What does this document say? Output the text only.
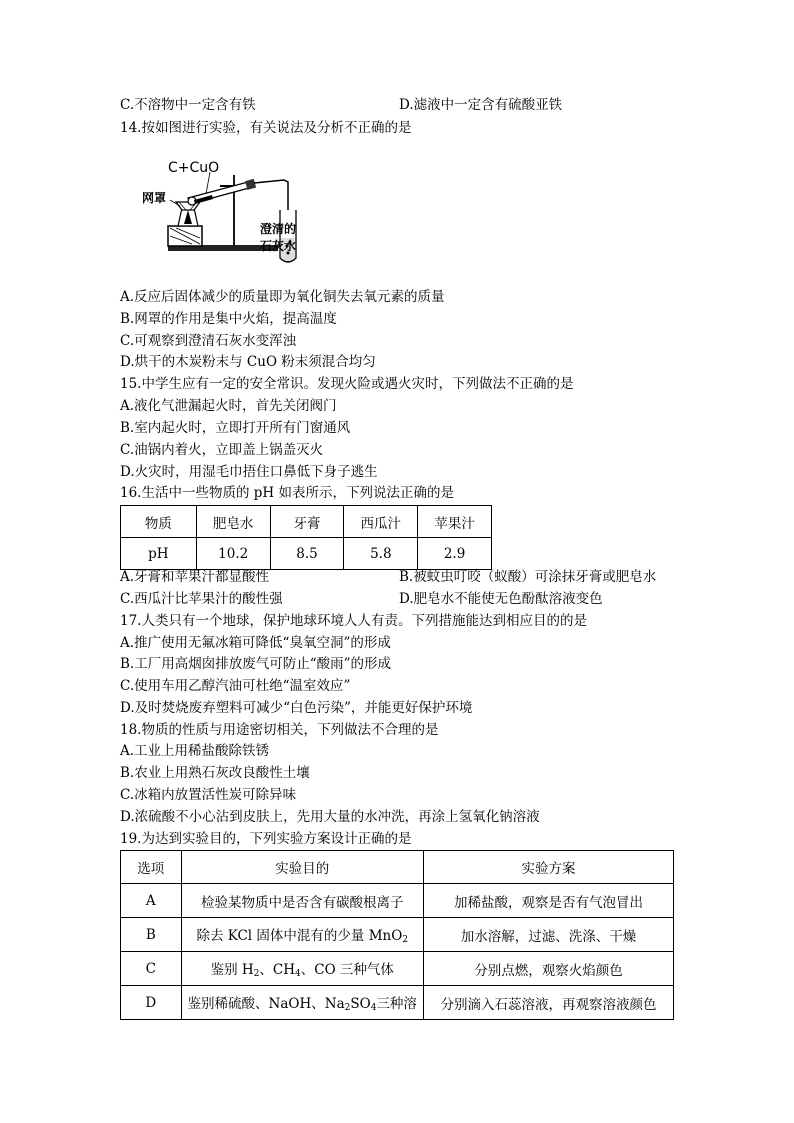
C.不溶物中一定含有铁	D.滤液中一定含有硫酸亚铁
14.按如图进行实验，有关说法及分析不正确的是
C+CuO
网罩
澄清的
石灰水
A.反应后固体减少的质量即为氧化铜失去氧元素的质量
B.网罩的作用是集中火焰，提高温度
C.可观察到澄清石灰水变浑浊
D.烘干的木炭粉末与 CuO 粉末须混合均匀
15.中学生应有一定的安全常识。发现火险或遇火灾时，下列做法不正确的是
A.液化气泄漏起火时，首先关闭阀门
B.室内起火时，立即打开所有门窗通风
C.油锅内着火，立即盖上锅盖灭火
D.火灾时，用湿毛巾捂住口鼻低下身子逃生
16.生活中一些物质的 pH 如表所示，下列说法正确的是
物质	肥皂水	牙膏	西瓜汁	苹果汁
pH	10.2	8.5	5.8	2.9
A.牙膏和苹果汁都显酸性	B.被蚊虫叮咬（蚁酸）可涂抹牙膏或肥皂水
C.西瓜汁比苹果汁的酸性强	D.肥皂水不能使无色酚酞溶液变色
17.人类只有一个地球，保护地球环境人人有责。下列措施能达到相应目的的是
A.推广使用无氟冰箱可降低“臭氧空洞”的形成
B.工厂用高烟囱排放废气可防止“酸雨”的形成
C.使用车用乙醇汽油可杜绝“温室效应”
D.及时焚烧废弃塑料可减少“白色污染”，并能更好保护环境
18.物质的性质与用途密切相关，下列做法不合理的是
A.工业上用稀盐酸除铁锈
B.农业上用熟石灰改良酸性土壤
C.冰箱内放置活性炭可除异味
D.浓硫酸不小心沾到皮肤上，先用大量的水冲洗，再涂上氢氧化钠溶液
19.为达到实验目的，下列实验方案设计正确的是
选项	实验目的	实验方案
A	检验某物质中是否含有碳酸根离子	加稀盐酸，观察是否有气泡冒出
B	除去 KCl 固体中混有的少量 MnO$_2$	加水溶解，过滤、洗涤、干燥
C	鉴别 $H_2$、$CH_4$、CO 三种气体	分别点燃，观察火焰颜色
D	鉴别稀硫酸、NaOH、$Na_2SO_4$三种溶	分别滴入石蕊溶液，再观察溶液颜色
